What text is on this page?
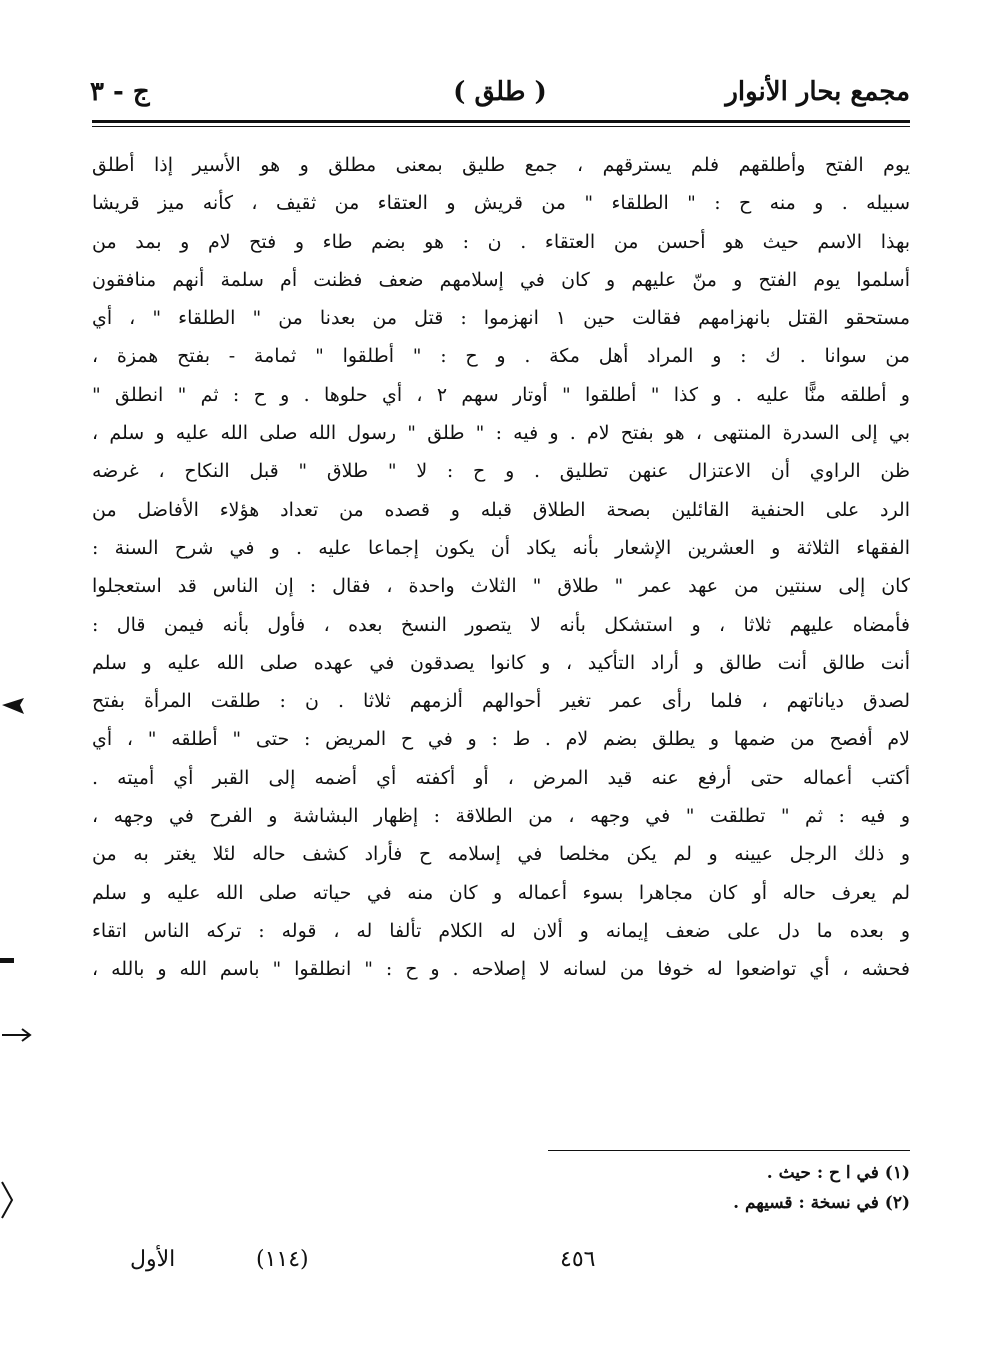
مجمع بحار الأنوار
( طلق )
ج - ٣
يوم الفتح وأطلقهم فلم يسترقهم ، جمع طليق بمعنى مطلق و هو الأسير إذا أطلق
سبيله . و منه ح : " الطلقاء " من قريش و العتقاء من ثقيف ، كأنه ميز قريشا
بهذا الاسم حيث هو أحسن من العتقاء . ن : هو بضم طاء و فتح لام و بمد من
أسلموا يوم الفتح و منّ عليهم و كان في إسلامهم ضعف فظنت أم سلمة أنهم منافقون
مستحقو القتل بانهزامهم فقالت حين ١ انهزموا : قتل من بعدنا من " الطلقاء " ، أي
من سوانا . ك : و المراد أهل مكة . و ح : " أطلقوا " ثمامة - بفتح همزة ،
و أطلقه منًّا عليه . و كذا " أطلقوا " أوتار سهم ٢ ، أي حلوها . و ح : ثم " انطلق "
بي إلى السدرة المنتهى ، هو بفتح لام . و فيه : " طلق " رسول الله صلى الله عليه و سلم ،
ظن الراوي أن الاعتزال عنهن تطليق . و ح : لا " طلاق " قبل النكاح ، غرضه
الرد على الحنفية القائلين بصحة الطلاق قبله و قصده من تعداد هؤلاء الأفاضل من
الفقهاء الثلاثة و العشرين الإشعار بأنه يكاد أن يكون إجماعا عليه . و في شرح السنة :
كان إلى سنتين من عهد عمر " طلاق " الثلاث واحدة ، فقال : إن الناس قد استعجلوا
فأمضاه عليهم ثلاثا ، و استشكل بأنه لا يتصور النسخ بعده ، فأول بأنه فيمن قال :
أنت طالق أنت طالق و أراد التأكيد ، و كانوا يصدقون في عهده صلى الله عليه و سلم
لصدق دياناتهم ، فلما رأى عمر تغير أحوالهم ألزمهم ثلاثا . ن : طلقت المرأة بفتح
لام أفصح من ضمها و يطلق بضم لام . ط : و في ح المريض : حتى " أطلقه " ، أي
أكتب أعماله حتى أرفع عنه قيد المرض ، أو أكفته أي أضمه إلى القبر أي أميته .
و فيه : ثم " تطلقت " في وجهه ، من الطلاقة : إظهار البشاشة و الفرح في وجهه ،
و ذلك الرجل عيينه و لم يكن مخلصا في إسلامه ح فأراد كشف حاله لئلا يغتر به من
لم يعرف حاله أو كان مجاهرا بسوء أعماله و كان منه في حياته صلى الله عليه و سلم
و بعده ما دل على ضعف إيمانه و ألان له الكلام تألفا له ، قوله : تركه الناس اتقاء
فحشه ، أي تواضعوا له خوفا من لسانه لا إصلاحه . و ح : " انطلقوا " باسم الله و بالله ،
(١) في ا ح : حيث .
(٢) في نسخة : قسيهم .
٤٥٦
(١١٤)
الأول
